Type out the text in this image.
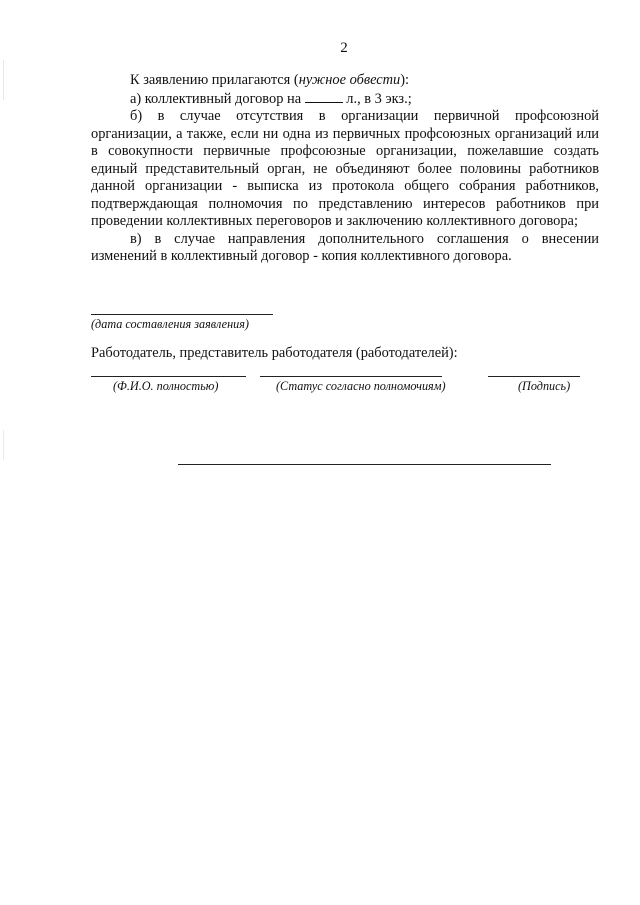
2

К заявлению прилагаются (нужное обвести):

а) коллективный договор на	л., в 3 экз.;

б) в случае отсутствия в организации первичной профсоюзной организации, а также, если ни одна из первичных профсоюзных организаций или в совокупности первичные профсоюзные организации, пожелавшие создать единый представительный орган, не объединяют более половины работников данной организации - выписка из протокола общего собрания работников, подтверждающая полномочия по представлению интересов работников при проведении коллективных переговоров и заключению коллективного договора;

в) в случае направления дополнительного соглашения о внесении изменений в коллективный договор - копия коллективного договора.

(дата составления заявления)
Работодатель, представитель работодателя (работодателей):
(Ф.И.О. полностью)	(Статус согласно полномочиям)	(Подпись)
